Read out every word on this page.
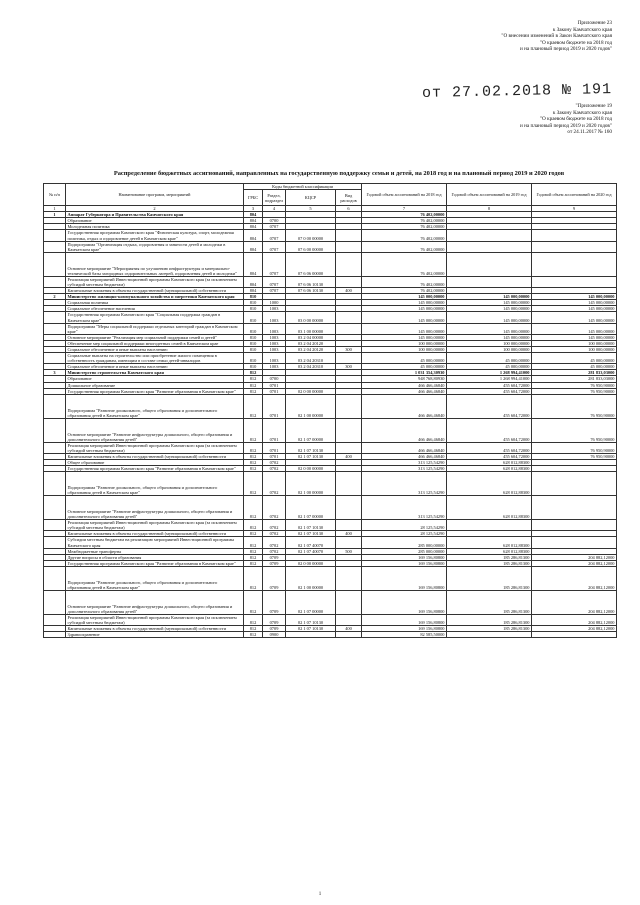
Приложение 23
к Закону Камчатского края
"О внесении изменений в Закон Камчатского края
"О краевом бюджете на 2018 год
и на плановый период 2019 и 2020 годов"
от 27.02.2018 № 191
"Приложение 19
к Закону Камчатского края
"О краевом бюджете на 2018 год
и на плановый период 2019 и 2020 годов"
от 24.11.2017 № 160
Распределение бюджетных ассигнований, направленных на государственную поддержку семьи и детей, на 2018 год и на плановый период 2019 и 2020 годов
№ п/п	Наименование программ, мероприятий	Коды бюджетной классификации				Годовой объем ассигнований на 2018 год	Годовой объем ассигнований на 2019 год	Годовой объем ассигнований на 2020 год
		ГРБС	Раздел, подраздел	КЦСР	Вид расходов			
1	2	3	4	5	6	7	8	9
1	Аппарат Губернатора и Правительства Камчатского края	804				76 402,00000		
	Образование	804	0700			76 402,00000		
	Молодежная политика	804	0707			76 402,00000		
	Государственная программа Камчатского края "Физическая культура, спорт, молодежная политика, отдых и оздоровление детей в Камчатском крае"	804	0707	07 0 00 00000		76 402,00000		
	Подпрограмма "Организация отдыха, оздоровления и занятости детей и молодежи в Камчатском крае"	804	0707	07 6 00 00000		76 402,00000		
	Основное мероприятие "Мероприятия по улучшению инфраструктуры и материально-технической базы загородных оздоровительных лагерей, оздоровления детей и молодежи"	804	0707	07 6 06 00000		76 402,00000		
	Реализация мероприятий Инвестиционной программы Камчатского края (за исключением субсидий местным бюджетам)	804	0707	07 6 06 10130		76 402,00000		
	Капитальные вложения в объекты государственной (муниципальной) собственности	804	0707	07 6 06 10130	400	76 402,00000		
2	Министерство жилищно-коммунального хозяйства и энергетики Камчатского края	810				145 000,00000	145 000,00000	145 000,00000
	Социальная политика	810	1000			145 000,00000	145 000,00000	145 000,00000
	Социальное обеспечение населения	810	1003			145 000,00000	145 000,00000	145 000,00000
	Государственная программа Камчатского края "Социальная поддержка граждан в Камчатском крае"	810	1003	03 0 00 00000		145 000,00000	145 000,00000	145 000,00000
	Подпрограмма "Меры социальной поддержки отдельных категорий граждан в Камчатском крае"	810	1003	03 1 00 00000		145 000,00000	145 000,00000	145 000,00000
	Основное мероприятие "Реализация мер социальной поддержки семей и детей"	810	1003	03 2 04 00000		145 000,00000	145 000,00000	145 000,00000
	Обеспечение мер социальной поддержки многодетных семей в Камчатском крае	810	1003	03 2 04 20120		100 000,00000	100 000,00000	100 000,00000
	Социальное обеспечение и иные выплаты населению	810	1003	03 2 04 20120	300	100 000,00000	100 000,00000	100 000,00000
	Социальные выплаты на строительство или приобретение жилого помещения в собственность гражданам, имеющим в составе семьи детей-инвалидов	810	1003	03 2 04 20310		45 000,00000	45 000,00000	45 000,00000
	Социальное обеспечение и иные выплаты населению	810	1003	03 2 04 20310	300	45 000,00000	45 000,00000	45 000,00000
3	Министерство строительства Камчатского края	812				1 031 354,30930	1 268 994,41000	281 833,03000
	Образование	812	0700			948 768,80930	1 268 994,41000	281 833,03000
	Дошкольное образование	812	0701			466 466,46840	455 604,72000	76 950,90000
	Государственная программа Камчатского края "Развитие образования в Камчатском крае"	812	0701	02 0 00 00000		466 466,46840	455 604,72000	76 950,90000
	Подпрограмма "Развитие дошкольного, общего образования и дополнительного образования детей в Камчатском крае"	812	0701	02 1 00 00000		466 466,46840	455 604,72000	76 950,90000
	Основное мероприятие "Развитие инфраструктуры дошкольного, общего образования и дополнительного образования детей"	812	0701	02 1 07 00000		466 466,46840	455 604,72000	76 950,90000
	Реализация мероприятий Инвестиционной программы Камчатского края (за исключением субсидий местным бюджетам)	812	0701	02 1 07 10130		466 466,46840	455 604,72000	76 950,90000
	Капитальные вложения в объекты государственной (муниципальной) собственности	812	0701	02 1 07 10130	400	466 466,46840	455 604,72000	76 950,90000
	Общее образование	812	0702			313 125,54290	628 012,88300	
	Государственная программа Камчатского края "Развитие образования в Камчатском крае"	812	0702	02 0 00 00000		313 125,54290	628 012,88300	
	Подпрограмма "Развитие дошкольного, общего образования и дополнительного образования детей в Камчатском крае"	812	0702	02 1 00 00000		313 125,54290	628 012,88300	
	Основное мероприятие "Развитие инфраструктуры дошкольного, общего образования и дополнительного образования детей"	812	0702	02 1 07 00000		313 125,54290	628 012,88300	
	Реализация мероприятий Инвестиционной программы Камчатского края (за исключением субсидий местным бюджетам)	812	0702	02 1 07 10130		28 125,54290		
	Капитальные вложения в объекты государственной (муниципальной) собственности	812	0702	02 1 07 10130	400	28 125,54290		
	Субсидии местным бюджетам на реализацию мероприятий Инвестиционной программы Камчатского края	812	0702	02 1 07 40070		285 000,00000	628 012,88300	
	Межбюджетные трансферты	812	0702	02 1 07 40070	500	285 000,00000	628 012,88300	
	Другие вопросы в области образования	812	0709			169 156,80800	185 286,81300	204 882,12000
	Государственная программа Камчатского края "Развитие образования в Камчатском крае"	812	0709	02 0 00 00000		169 156,80800	185 286,81300	204 882,12000
	Подпрограмма "Развитие дошкольного, общего образования и дополнительного образования детей в Камчатском крае"	812	0709	02 1 00 00000		169 156,80800	185 286,81300	204 882,12000
	Основное мероприятие "Развитие инфраструктуры дошкольного, общего образования и дополнительного образования детей"	812	0709	02 1 07 00000		169 156,80800	185 286,81300	204 882,12000
	Реализация мероприятий Инвестиционной программы Камчатского края (за исключением субсидий местным бюджетам)	812	0709	02 1 07 10130		169 156,80800	185 286,81300	204 882,12000
	Капитальные вложения в объекты государственной (муниципальной) собственности	812	0709	02 1 07 10130	400	169 156,80800	185 286,81300	204 882,12000
	Здравоохранение	812	0900			82 585,50000		
1
